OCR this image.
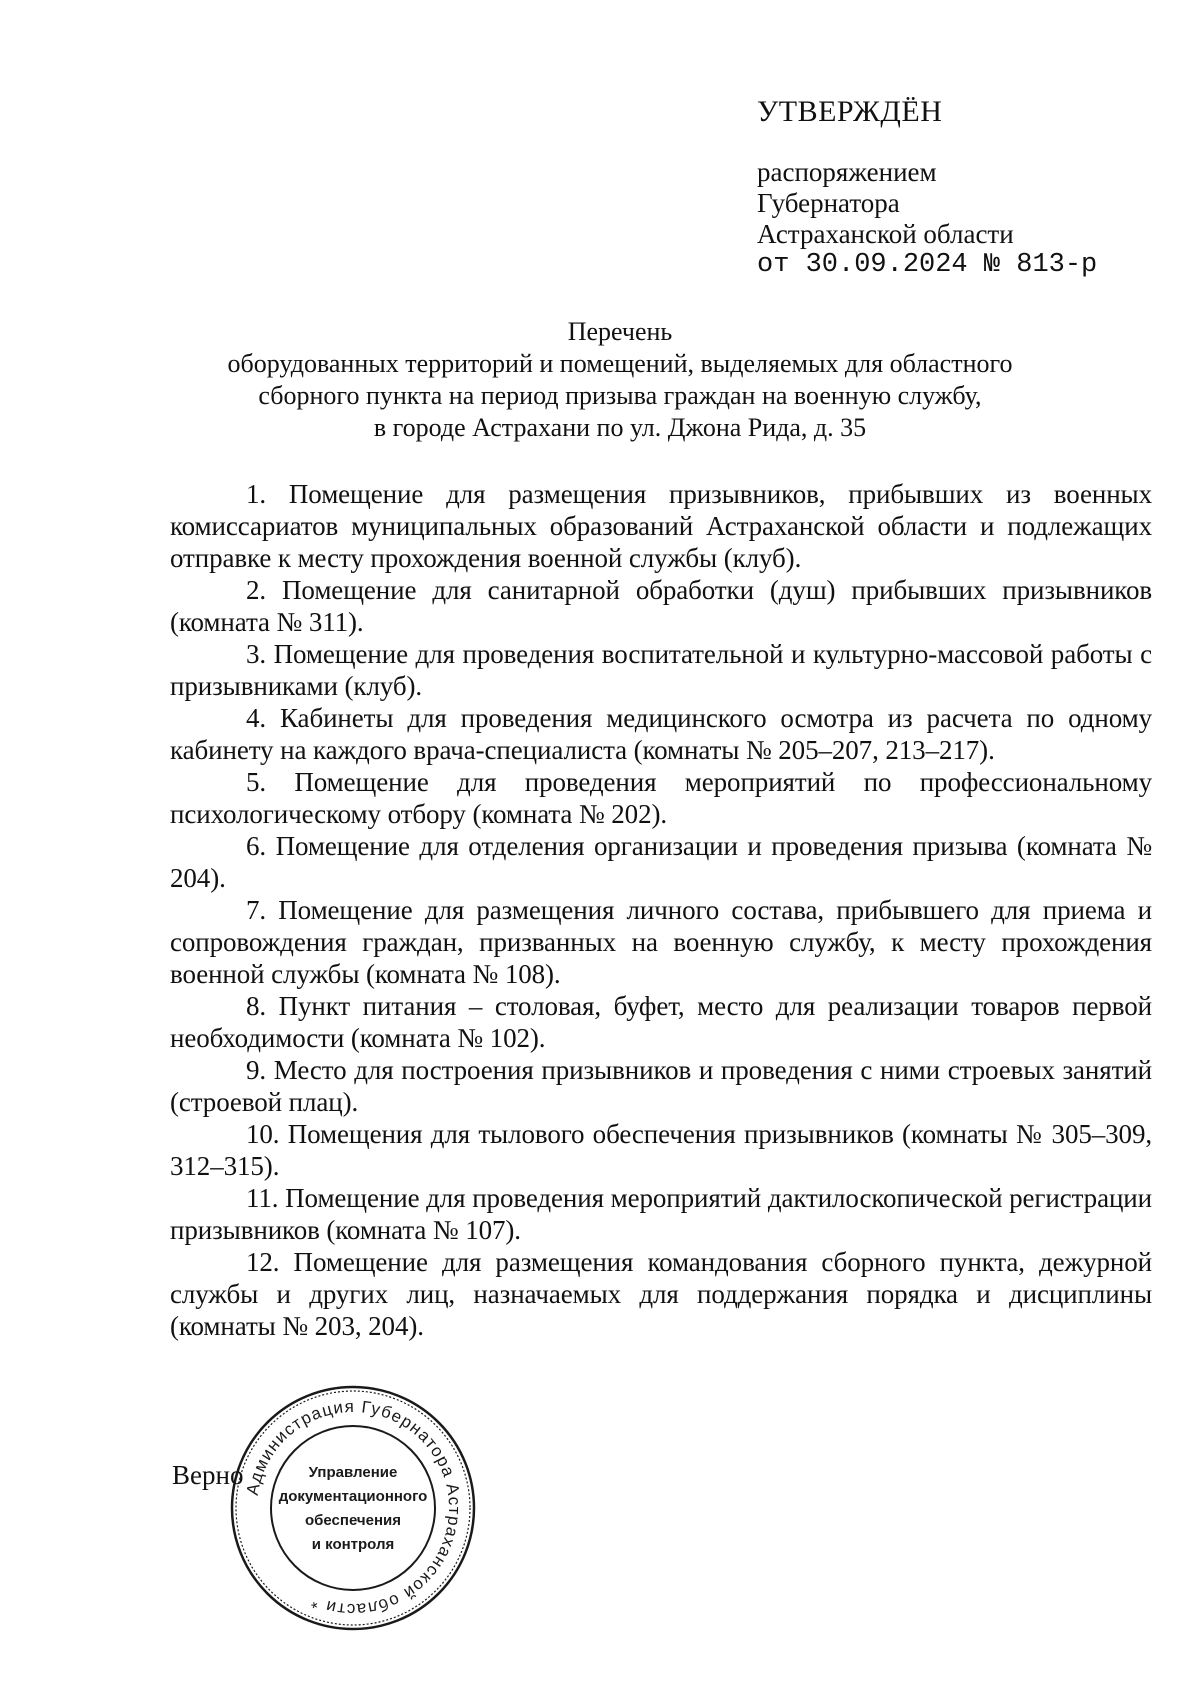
УТВЕРЖДЁН
распоряжением
Губернатора
Астраханской области
от 30.09.2024 № 813-р
Перечень
оборудованных территорий и помещений, выделяемых для областного
сборного пункта на период призыва граждан на военную службу,
в городе Астрахани по ул. Джона Рида, д. 35

1. Помещение для размещения призывников, прибывших из военных комиссариатов муниципальных образований Астраханской области и подлежащих отправке к месту прохождения военной службы (клуб).

2. Помещение для санитарной обработки (душ) прибывших призывников (комната № 311).

3. Помещение для проведения воспитательной и культурно-массовой работы с призывниками (клуб).

4. Кабинеты для проведения медицинского осмотра из расчета по одному кабинету на каждого врача-специалиста (комнаты № 205–207, 213–217).

5. Помещение для проведения мероприятий по профессиональному психологическому отбору (комната № 202).

6. Помещение для отделения организации и проведения призыва (комната № 204).

7. Помещение для размещения личного состава, прибывшего для приема и сопровождения граждан, призванных на военную службу, к месту прохождения военной службы (комната № 108).

8. Пункт питания – столовая, буфет, место для реализации товаров первой необходимости (комната № 102).

9. Место для построения призывников и проведения с ними строевых занятий (строевой плац).

10. Помещения для тылового обеспечения призывников (комнаты № 305–309, 312–315).

11. Помещение для проведения мероприятий дактилоскопической регистрации призывников (комната № 107).

12. Помещение для размещения командования сборного пункта, дежурной службы и других лиц, назначаемых для поддержания порядка и дисциплины (комнаты № 203, 204).

Верно Администрация Губернатора Астраханской области *
Управление
документационного
обеспечения
и контроля
